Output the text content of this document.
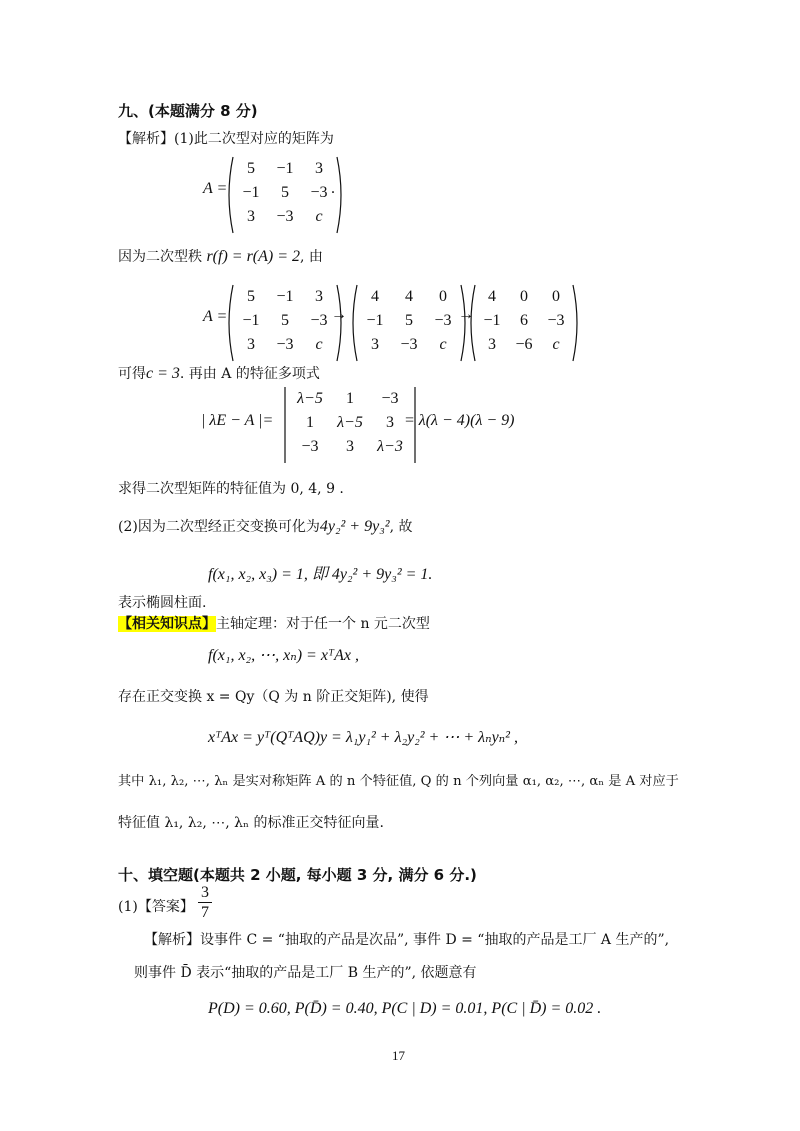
九、(本题满分 8 分)
【解析】(1)此二次型对应的矩阵为
A =
5	−1	3
−1	5	−3
3	−3	c
.
因为二次型秩 r(f) = r(A) = 2, 由
A =
5	−1	3
−1	5	−3
3	−3	c
→
4	4	0
−1	5	−3
3	−3	c
→
4	0	0
−1	6	−3
3	−6	c
可得c = 3. 再由 A 的特征多项式
| λE − A |=
λ−5	1	−3
1	λ−5	3
−3	3	λ−3
= λ(λ − 4)(λ − 9)
求得二次型矩阵的特征值为 0, 4, 9 .
(2)因为二次型经正交变换可化为4y₂² + 9y₃², 故
f(x₁, x₂, x₃) = 1, 即 4y₂² + 9y₃² = 1.
表示椭圆柱面.
【相关知识点】主轴定理：对于任一个 n 元二次型
f(x₁, x₂, ⋯, xₙ) = xᵀAx ,
存在正交变换 x = Qy（Q 为 n 阶正交矩阵), 使得
xᵀAx = yᵀ(QᵀAQ)y = λ₁y₁² + λ₂y₂² + ⋯ + λₙyₙ² ,
其中 λ₁, λ₂, ⋯, λₙ 是实对称矩阵 A 的 n 个特征值, Q 的 n 个列向量 α₁, α₂, ⋯, αₙ 是 A 对应于
特征值 λ₁, λ₂, ⋯, λₙ 的标准正交特征向量.
十、填空题(本题共 2 小题, 每小题 3 分, 满分 6 分.)
(1)【答案】 $\frac{3}{7}$
【解析】设事件 C = “抽取的产品是次品”, 事件 D = “抽取的产品是工厂 A 生产的”,
则事件 D̄ 表示“抽取的产品是工厂 B 生产的”, 依题意有
P(D) = 0.60, P(D̄) = 0.40, P(C | D) = 0.01, P(C | D̄) = 0.02 .
17
